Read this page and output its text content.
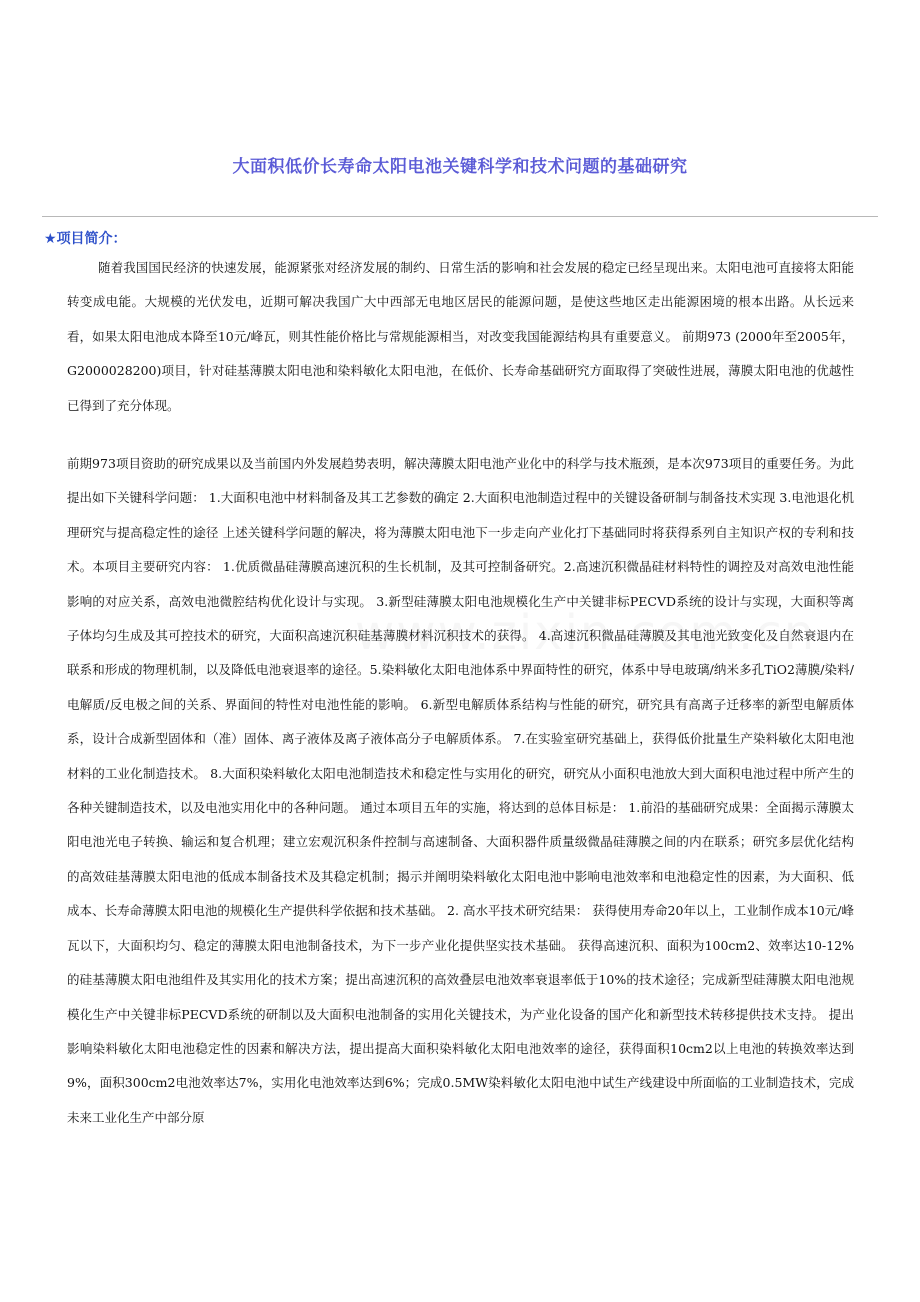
大面积低价长寿命太阳电池关键科学和技术问题的基础研究
★项目简介：

随着我国国民经济的快速发展，能源紧张对经济发展的制约、日常生活的影响和社会发展的稳定已经呈现出来。太阳电池可直接将太阳能转变成电能。大规模的光伏发电，近期可解决我国广大中西部无电地区居民的能源问题，是使这些地区走出能源困境的根本出路。从长远来看，如果太阳电池成本降至10元/峰瓦，则其性能价格比与常规能源相当，对改变我国能源结构具有重要意义。 前期973 (2000年至2005年，G2000028200)项目，针对硅基薄膜太阳电池和染料敏化太阳电池，在低价、长寿命基础研究方面取得了突破性进展，薄膜太阳电池的优越性已得到了充分体现。

前期973项目资助的研究成果以及当前国内外发展趋势表明，解决薄膜太阳电池产业化中的科学与技术瓶颈，是本次973项目的重要任务。为此提出如下关键科学问题： 1.大面积电池中材料制备及其工艺参数的确定 2.大面积电池制造过程中的关键设备研制与制备技术实现 3.电池退化机理研究与提高稳定性的途径 上述关键科学问题的解决，将为薄膜太阳电池下一步走向产业化打下基础同时将获得系列自主知识产权的专利和技术。本项目主要研究内容： 1.优质微晶硅薄膜高速沉积的生长机制，及其可控制备研究。2.高速沉积微晶硅材料特性的调控及对高效电池性能影响的对应关系，高效电池微腔结构优化设计与实现。 3.新型硅薄膜太阳电池规模化生产中关键非标PECVD系统的设计与实现，大面积等离子体均匀生成及其可控技术的研究，大面积高速沉积硅基薄膜材料沉积技术的获得。 4.高速沉积微晶硅薄膜及其电池光致变化及自然衰退内在联系和形成的物理机制，以及降低电池衰退率的途径。5.染料敏化太阳电池体系中界面特性的研究，体系中导电玻璃/纳米多孔TiO2薄膜/染料/电解质/反电极之间的关系、界面间的特性对电池性能的影响。 6.新型电解质体系结构与性能的研究，研究具有高离子迁移率的新型电解质体系，设计合成新型固体和（准）固体、离子液体及离子液体高分子电解质体系。 7.在实验室研究基础上，获得低价批量生产染料敏化太阳电池材料的工业化制造技术。 8.大面积染料敏化太阳电池制造技术和稳定性与实用化的研究，研究从小面积电池放大到大面积电池过程中所产生的各种关键制造技术，以及电池实用化中的各种问题。 通过本项目五年的实施，将达到的总体目标是： 1.前沿的基础研究成果：全面揭示薄膜太阳电池光电子转换、输运和复合机理；建立宏观沉积条件控制与高速制备、大面积器件质量级微晶硅薄膜之间的内在联系；研究多层优化结构的高效硅基薄膜太阳电池的低成本制备技术及其稳定机制；揭示并阐明染料敏化太阳电池中影响电池效率和电池稳定性的因素，为大面积、低成本、长寿命薄膜太阳电池的规模化生产提供科学依据和技术基础。 2. 高水平技术研究结果： 获得使用寿命20年以上，工业制作成本10元/峰瓦以下，大面积均匀、稳定的薄膜太阳电池制备技术，为下一步产业化提供坚实技术基础。 获得高速沉积、面积为100cm2、效率达10-12%的硅基薄膜太阳电池组件及其实用化的技术方案；提出高速沉积的高效叠层电池效率衰退率低于10%的技术途径；完成新型硅薄膜太阳电池规模化生产中关键非标PECVD系统的研制以及大面积电池制备的实用化关键技术，为产业化设备的国产化和新型技术转移提供技术支持。 提出影响染料敏化太阳电池稳定性的因素和解决方法，提出提高大面积染料敏化太阳电池效率的途径，获得面积10cm2以上电池的转换效率达到9%，面积300cm2电池效率达7%，实用化电池效率达到6%；完成0.5MW染料敏化太阳电池中试生产线建设中所面临的工业制造技术，完成未来工业化生产中部分原
